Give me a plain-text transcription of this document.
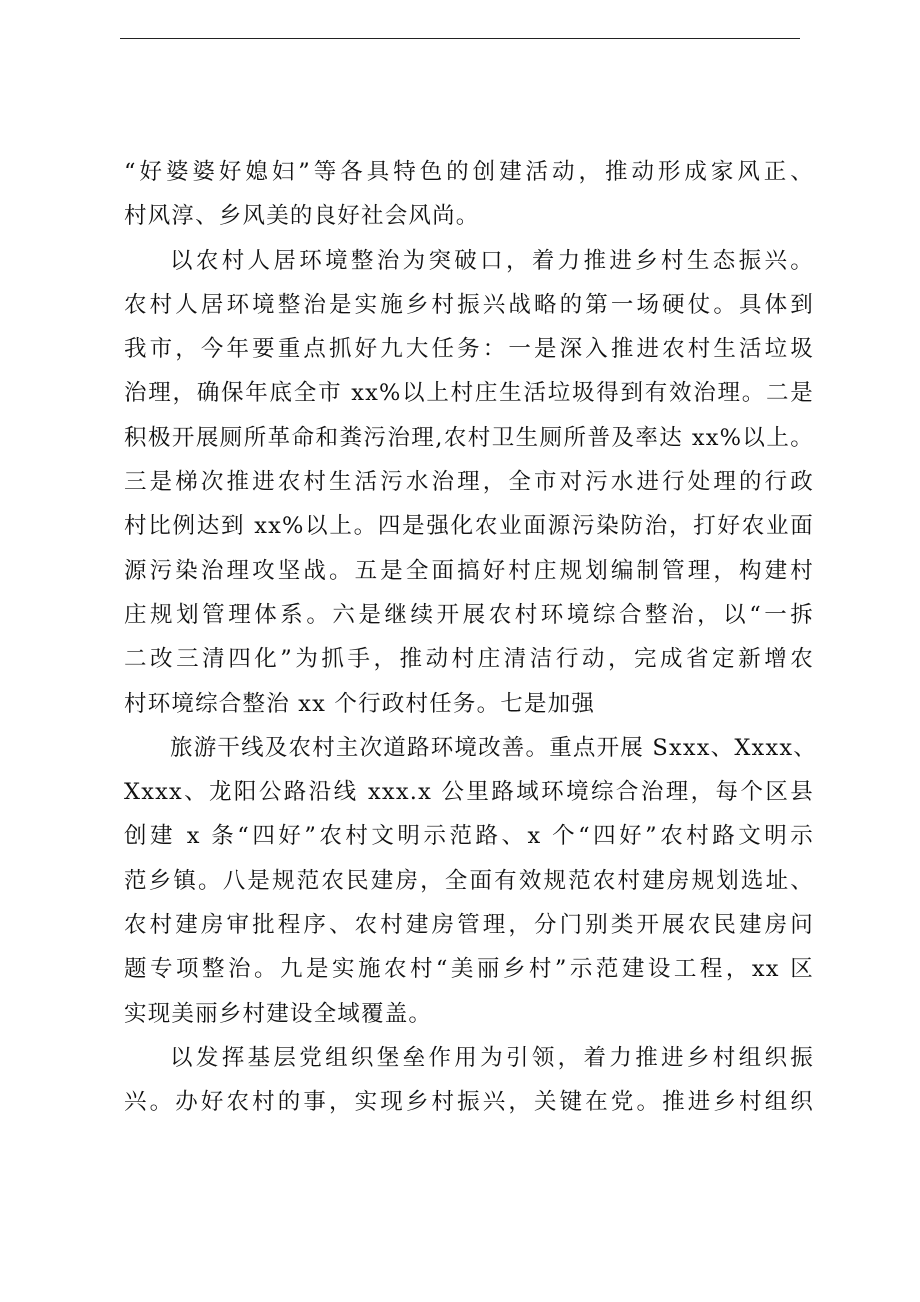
“好婆婆好媳妇”等各具特色的创建活动，推动形成家风正、
村风淳、乡风美的良好社会风尚。
以农村人居环境整治为突破口，着力推进乡村生态振兴。
农村人居环境整治是实施乡村振兴战略的第一场硬仗。具体到
我市，今年要重点抓好九大任务：一是深入推进农村生活垃圾
治理，确保年底全市 xx%以上村庄生活垃圾得到有效治理。二是
积极开展厕所革命和粪污治理,农村卫生厕所普及率达 xx%以上。
三是梯次推进农村生活污水治理，全市对污水进行处理的行政
村比例达到 xx%以上。四是强化农业面源污染防治，打好农业面
源污染治理攻坚战。五是全面搞好村庄规划编制管理，构建村
庄规划管理体系。六是继续开展农村环境综合整治，以“一拆
二改三清四化”为抓手，推动村庄清洁行动，完成省定新增农
村环境综合整治 xx 个行政村任务。七是加强
旅游干线及农村主次道路环境改善。重点开展 Sxxx、Xxxx、
Xxxx、龙阳公路沿线 xxx.x 公里路域环境综合治理，每个区县
创建 x 条“四好”农村文明示范路、x 个“四好”农村路文明示
范乡镇。八是规范农民建房，全面有效规范农村建房规划选址、
农村建房审批程序、农村建房管理，分门别类开展农民建房问
题专项整治。九是实施农村“美丽乡村”示范建设工程，xx 区
实现美丽乡村建设全域覆盖。
以发挥基层党组织堡垒作用为引领，着力推进乡村组织振
兴。办好农村的事，实现乡村振兴，关键在党。推进乡村组织
